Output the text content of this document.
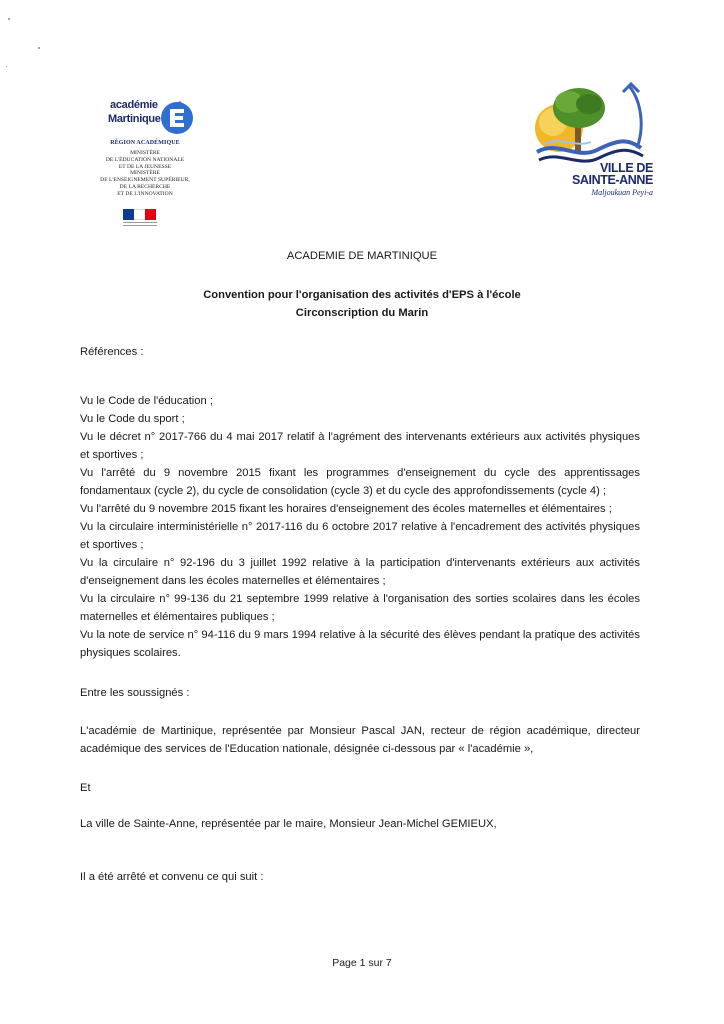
académie
Martinique
RÉGION ACADÉMIQUE
MINISTÈRE
DE L'ÉDUCATION NATIONALE
ET DE LA JEUNESSE
MINISTÈRE
DE L'ENSEIGNEMENT SUPÉRIEUR,
DE LA RECHERCHE
ET DE L'INNOVATION
VILLE DE
SAINTE-ANNE
Maljoukuan Peyi-a
ACADEMIE DE MARTINIQUE
Convention pour l'organisation des activités d'EPS à l'école
Circonscription du Marin
Références :

Vu le Code de l'éducation ;

Vu le Code du sport ;

Vu le décret n° 2017-766 du 4 mai 2017 relatif à l'agrément des intervenants extérieurs aux activités physiques et sportives ;

Vu l'arrêté du 9 novembre 2015 fixant les programmes d'enseignement du cycle des apprentissages fondamentaux (cycle 2), du cycle de consolidation (cycle 3) et du cycle des approfondissements (cycle 4) ;

Vu l'arrêté du 9 novembre 2015 fixant les horaires d'enseignement des écoles maternelles et élémentaires ;

Vu la circulaire interministérielle n° 2017-116 du 6 octobre 2017 relative à l'encadrement des activités physiques et sportives ;

Vu la circulaire n° 92-196 du 3 juillet 1992 relative à la participation d'intervenants extérieurs aux activités d'enseignement dans les écoles maternelles et élémentaires ;

Vu la circulaire n° 99-136 du 21 septembre 1999 relative à l'organisation des sorties scolaires dans les écoles maternelles et élémentaires publiques ;

Vu la note de service n° 94-116 du 9 mars 1994 relative à la sécurité des élèves pendant la pratique des activités physiques scolaires.

Entre les soussignés :
L'académie de Martinique, représentée par Monsieur Pascal JAN, recteur de région académique, directeur académique des services de l'Education nationale, désignée ci-dessous par « l'académie »,
Et
La ville de Sainte-Anne, représentée par le maire, Monsieur Jean-Michel GEMIEUX,
Il a été arrêté et convenu ce qui suit :
Page 1 sur 7
